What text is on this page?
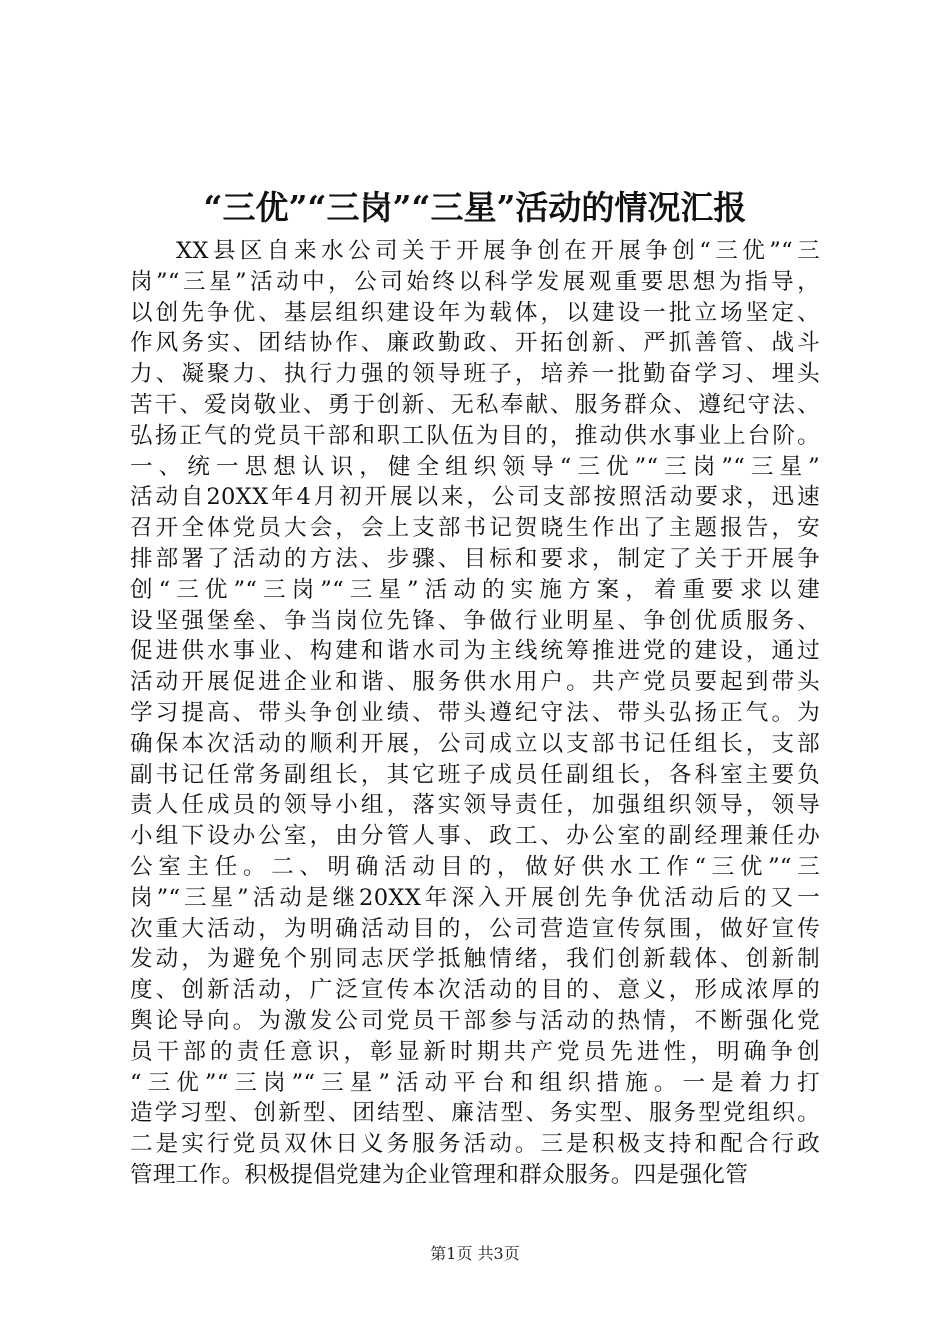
“三优”“三岗”“三星”活动的情况汇报
XX县区自来水公司关于开展争创在开展争创“三优”“三
岗”“三星”活动中，公司始终以科学发展观重要思想为指导，
以创先争优、基层组织建设年为载体，以建设一批立场坚定、
作风务实、团结协作、廉政勤政、开拓创新、严抓善管、战斗
力、凝聚力、执行力强的领导班子，培养一批勤奋学习、埋头
苦干、爱岗敬业、勇于创新、无私奉献、服务群众、遵纪守法、
弘扬正气的党员干部和职工队伍为目的，推动供水事业上台阶。
一、统一思想认识，健全组织领导“三优”“三岗”“三星”
活动自20XX年4月初开展以来，公司支部按照活动要求，迅速
召开全体党员大会，会上支部书记贺晓生作出了主题报告，安
排部署了活动的方法、步骤、目标和要求，制定了关于开展争
创“三优”“三岗”“三星”活动的实施方案，着重要求以建
设坚强堡垒、争当岗位先锋、争做行业明星、争创优质服务、
促进供水事业、构建和谐水司为主线统筹推进党的建设，通过
活动开展促进企业和谐、服务供水用户。共产党员要起到带头
学习提高、带头争创业绩、带头遵纪守法、带头弘扬正气。为
确保本次活动的顺利开展，公司成立以支部书记任组长，支部
副书记任常务副组长，其它班子成员任副组长，各科室主要负
责人任成员的领导小组，落实领导责任，加强组织领导，领导
小组下设办公室，由分管人事、政工、办公室的副经理兼任办
公室主任。二、明确活动目的，做好供水工作“三优”“三
岗”“三星”活动是继20XX年深入开展创先争优活动后的又一
次重大活动，为明确活动目的，公司营造宣传氛围，做好宣传
发动，为避免个别同志厌学抵触情绪，我们创新载体、创新制
度、创新活动，广泛宣传本次活动的目的、意义，形成浓厚的
舆论导向。为激发公司党员干部参与活动的热情，不断强化党
员干部的责任意识，彰显新时期共产党员先进性，明确争创
“三优”“三岗”“三星”活动平台和组织措施。一是着力打
造学习型、创新型、团结型、廉洁型、务实型、服务型党组织。
二是实行党员双休日义务服务活动。三是积极支持和配合行政
管理工作。积极提倡党建为企业管理和群众服务。四是强化管
第1页 共3页
